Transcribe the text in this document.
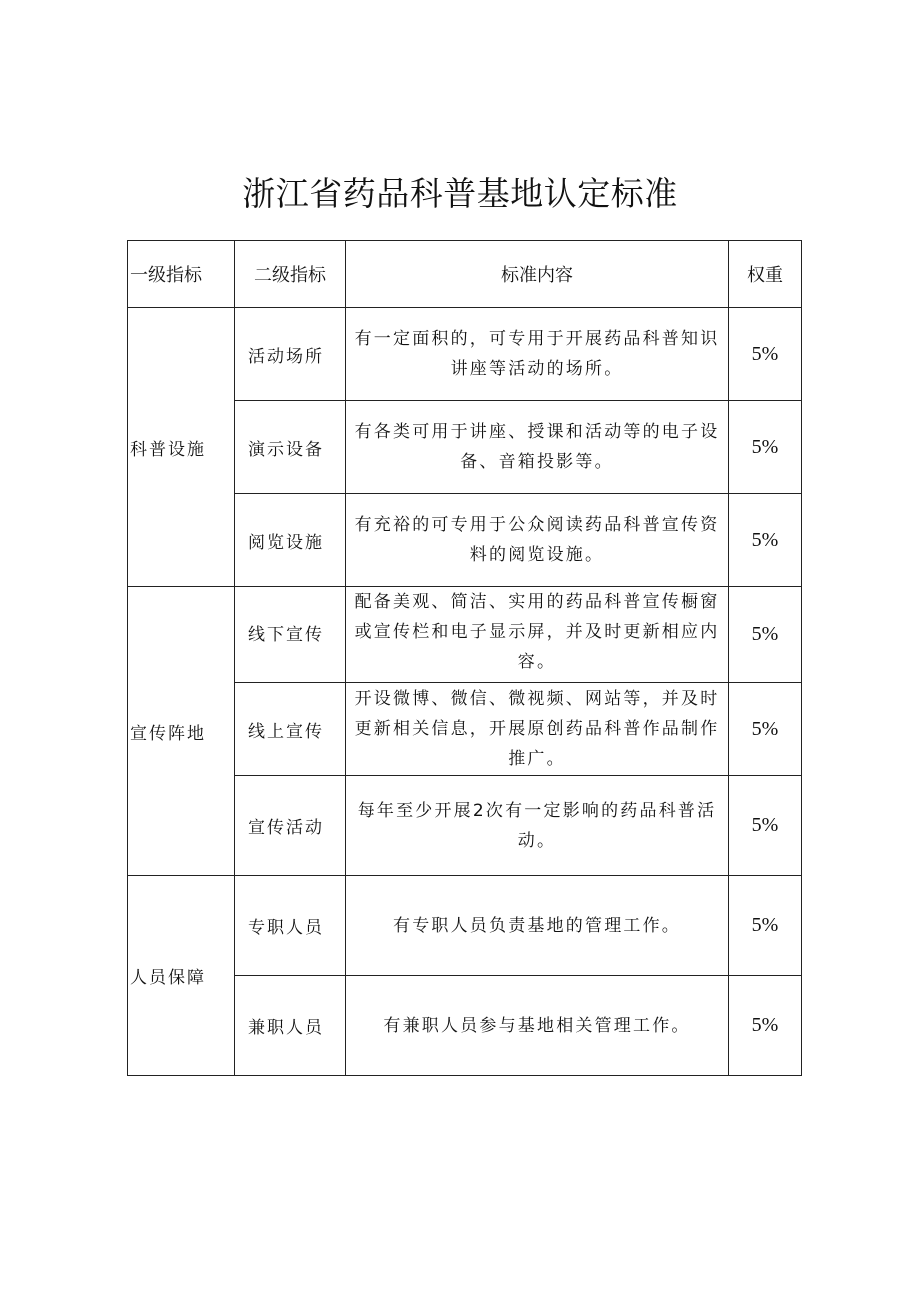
浙江省药品科普基地认定标准
一级指标	二级指标	标准内容	权重
科普设施	活动场所	有一定面积的，可专用于开展药品科普知识讲座等活动的场所。	5%
	演示设备	有各类可用于讲座、授课和活动等的电子设备、音箱投影等。	5%
	阅览设施	有充裕的可专用于公众阅读药品科普宣传资料的阅览设施。	5%
宣传阵地	线下宣传	配备美观、简洁、实用的药品科普宣传橱窗或宣传栏和电子显示屏，并及时更新相应内容。	5%
	线上宣传	开设微博、微信、微视频、网站等，并及时更新相关信息，开展原创药品科普作品制作推广。	5%
	宣传活动	每年至少开展2次有一定影响的药品科普活动。	5%
人员保障	专职人员	有专职人员负责基地的管理工作。	5%
	兼职人员	有兼职人员参与基地相关管理工作。	5%
